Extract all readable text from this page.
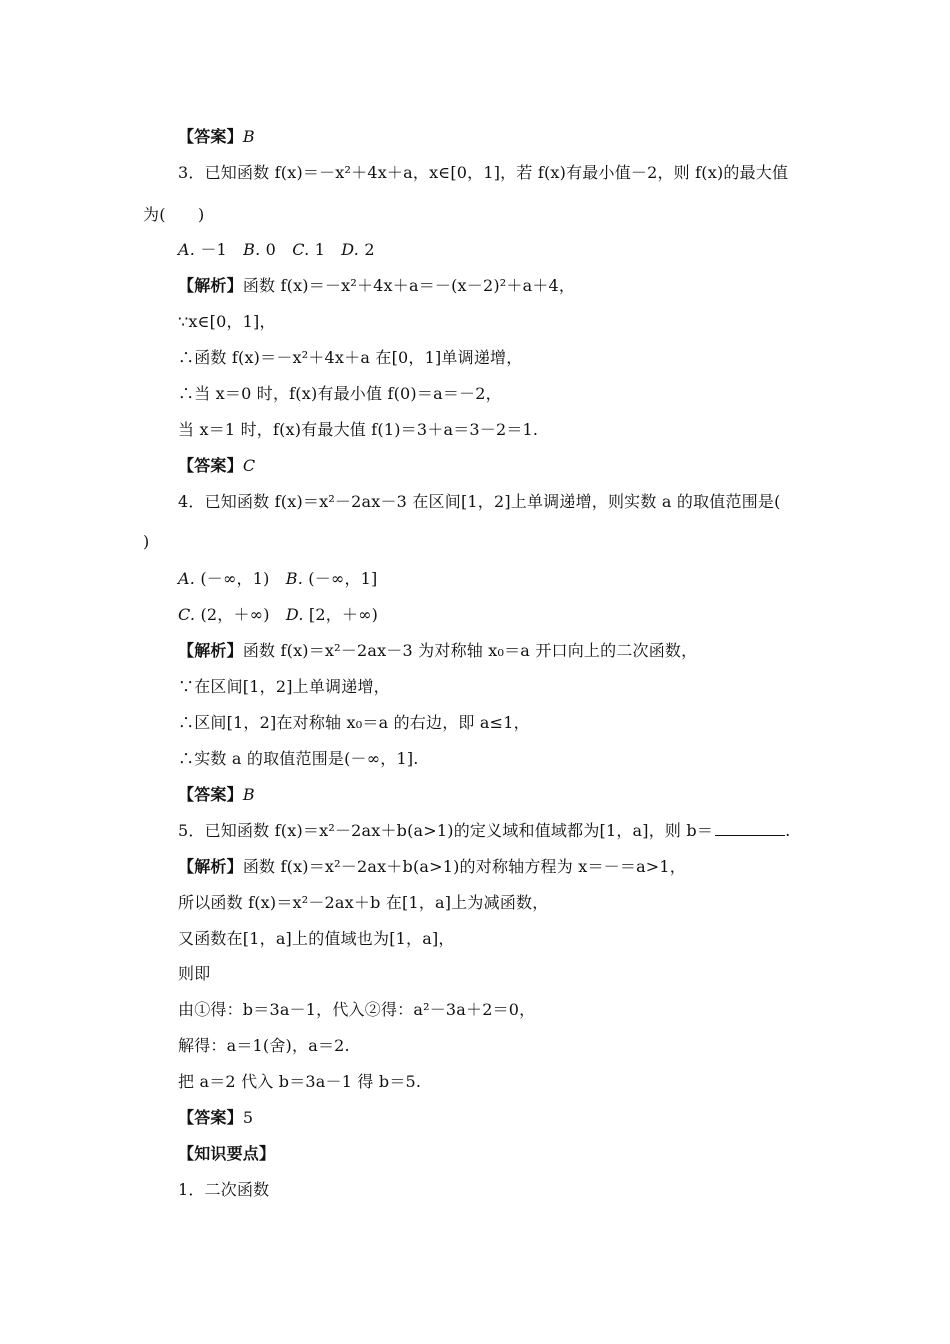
【答案】B
3．已知函数 f(x)＝－x²＋4x＋a，x∈[0，1]，若 f(x)有最小值－2，则 f(x)的最大值
为(　　)
A. －1　B. 0　C. 1　D. 2
【解析】函数 f(x)＝－x²＋4x＋a＝－(x－2)²＋a＋4，
∵x∈[0，1]，
∴函数 f(x)＝－x²＋4x＋a 在[0，1]单调递增，
∴当 x＝0 时，f(x)有最小值 f(0)＝a＝－2，
当 x＝1 时，f(x)有最大值 f(1)＝3＋a＝3－2＝1.
【答案】C
4．已知函数 f(x)＝x²－2ax－3 在区间[1，2]上单调递增，则实数 a 的取值范围是(
)
A. (－∞，1)　B. (－∞，1]
C. (2，＋∞)　D. [2，＋∞)
【解析】函数 f(x)＝x²－2ax－3 为对称轴 x₀＝a 开口向上的二次函数，
∵在区间[1，2]上单调递增，
∴区间[1，2]在对称轴 x₀＝a 的右边，即 a≤1，
∴实数 a 的取值范围是(－∞，1].
【答案】B
5．已知函数 f(x)＝x²－2ax＋b(a>1)的定义域和值域都为[1，a]，则 b＝	.
【解析】函数 f(x)＝x²－2ax＋b(a>1)的对称轴方程为 x＝－＝a>1，
所以函数 f(x)＝x²－2ax＋b 在[1，a]上为减函数，
又函数在[1，a]上的值域也为[1，a]，
则即
由①得：b＝3a－1，代入②得：a²－3a＋2＝0，
解得：a＝1(舍)，a＝2.
把 a＝2 代入 b＝3a－1 得 b＝5.
【答案】5
【知识要点】
1．二次函数
